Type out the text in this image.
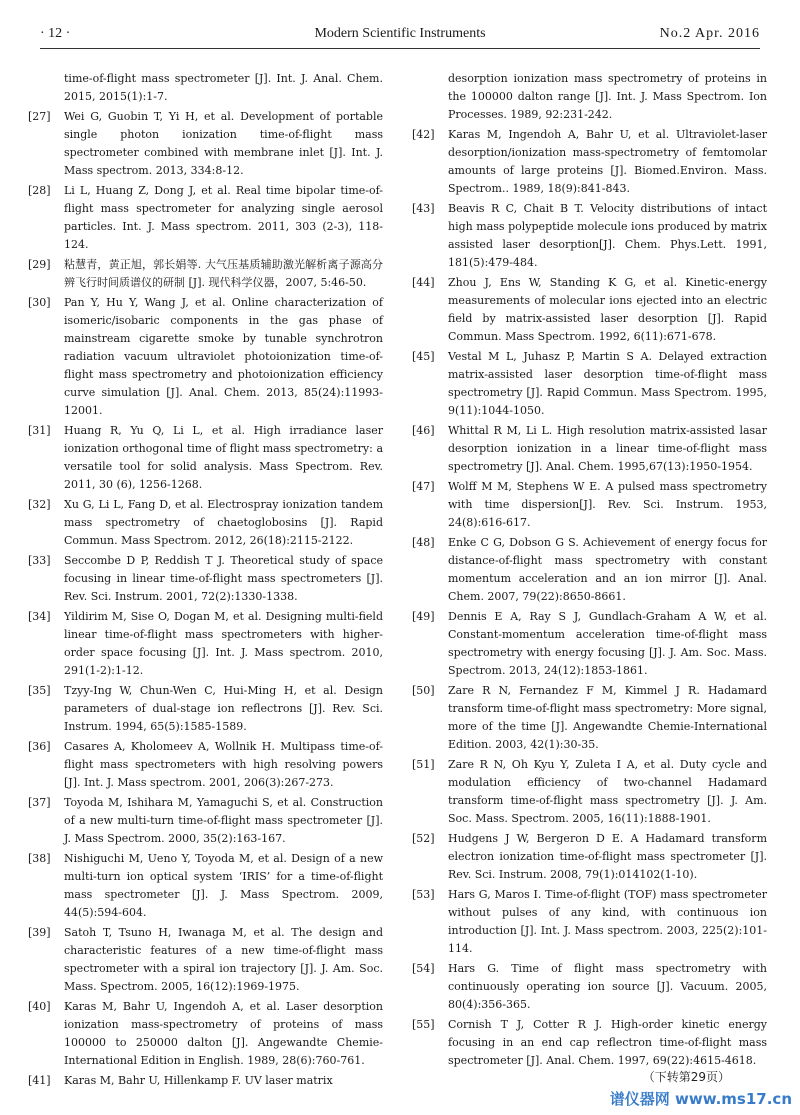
· 12 ·	Modern Scientific Instruments	No.2 Apr. 2016
time-of-flight mass spectrometer [J]. Int. J. Anal. Chem. 2015, 2015(1):1-7.
[27] Wei G, Guobin T, Yi H, et al. Development of portable single photon ionization time-of-flight mass spectrometer combined with membrane inlet [J]. Int. J. Mass spectrom. 2013, 334:8-12.
[28] Li L, Huang Z, Dong J, et al. Real time bipolar time-of-flight mass spectrometer for analyzing single aerosol particles. Int. J. Mass spectrom. 2011, 303 (2-3), 118-124.
[29] 粘慧青，黄正旭，郭长娟等. 大气压基质辅助激光解析离子源高分辨飞行时间质谱仪的研制 [J]. 现代科学仪器，2007, 5:46-50.
[30] Pan Y, Hu Y, Wang J, et al. Online characterization of isomeric/isobaric components in the gas phase of mainstream cigarette smoke by tunable synchrotron radiation vacuum ultraviolet photoionization time-of-flight mass spectrometry and photoionization efficiency curve simulation [J]. Anal. Chem. 2013, 85(24):11993-12001.
[31] Huang R, Yu Q, Li L, et al. High irradiance laser ionization orthogonal time of flight mass spectrometry: a versatile tool for solid analysis. Mass Spectrom. Rev. 2011, 30 (6), 1256-1268.
[32] Xu G, Li L, Fang D, et al. Electrospray ionization tandem mass spectrometry of chaetoglobosins [J]. Rapid Commun. Mass Spectrom. 2012, 26(18):2115-2122.
[33] Seccombe D P, Reddish T J. Theoretical study of space focusing in linear time-of-flight mass spectrometers [J]. Rev. Sci. Instrum. 2001, 72(2):1330-1338.
[34] Yildirim M, Sise O, Dogan M, et al. Designing multi-field linear time-of-flight mass spectrometers with higher-order space focusing [J]. Int. J. Mass spectrom. 2010, 291(1-2):1-12.
[35] Tzyy-Ing W, Chun-Wen C, Hui-Ming H, et al. Design parameters of dual-stage ion reflectrons [J]. Rev. Sci. Instrum. 1994, 65(5):1585-1589.
[36] Casares A, Kholomeev A, Wollnik H. Multipass time-of-flight mass spectrometers with high resolving powers [J]. Int. J. Mass spectrom. 2001, 206(3):267-273.
[37] Toyoda M, Ishihara M, Yamaguchi S, et al. Construction of a new multi-turn time-of-flight mass spectrometer [J]. J. Mass Spectrom. 2000, 35(2):163-167.
[38] Nishiguchi M, Ueno Y, Toyoda M, et al. Design of a new multi-turn ion optical system ‘IRIS’ for a time-of-flight mass spectrometer [J]. J. Mass Spectrom. 2009, 44(5):594-604.
[39] Satoh T, Tsuno H, Iwanaga M, et al. The design and characteristic features of a new time-of-flight mass spectrometer with a spiral ion trajectory [J]. J. Am. Soc. Mass. Spectrom. 2005, 16(12):1969-1975.
[40] Karas M, Bahr U, Ingendoh A, et al. Laser desorption ionization mass-spectrometry of proteins of mass 100000 to 250000 dalton [J]. Angewandte Chemie-International Edition in English. 1989, 28(6):760-761.
[41] Karas M, Bahr U, Hillenkamp F. UV laser matrix
desorption ionization mass spectrometry of proteins in the 100000 dalton range [J]. Int. J. Mass Spectrom. Ion Processes. 1989, 92:231-242.
[42] Karas M, Ingendoh A, Bahr U, et al. Ultraviolet-laser desorption/ionization mass-spectrometry of femtomolar amounts of large proteins [J]. Biomed.Environ. Mass. Spectrom.. 1989, 18(9):841-843.
[43] Beavis R C, Chait B T. Velocity distributions of intact high mass polypeptide molecule ions produced by matrix assisted laser desorption[J]. Chem. Phys.Lett. 1991, 181(5):479-484.
[44] Zhou J, Ens W, Standing K G, et al. Kinetic-energy measurements of molecular ions ejected into an electric field by matrix-assisted laser desorption [J]. Rapid Commun. Mass Spectrom. 1992, 6(11):671-678.
[45] Vestal M L, Juhasz P, Martin S A. Delayed extraction matrix-assisted laser desorption time-of-flight mass spectrometry [J]. Rapid Commun. Mass Spectrom. 1995, 9(11):1044-1050.
[46] Whittal R M, Li L. High resolution matrix-assisted lasar desorption ionization in a linear time-of-flight mass spectrometry [J]. Anal. Chem. 1995,67(13):1950-1954.
[47] Wolff M M, Stephens W E. A pulsed mass spectrometry with time dispersion[J]. Rev. Sci. Instrum. 1953, 24(8):616-617.
[48] Enke C G, Dobson G S. Achievement of energy focus for distance-of-flight mass spectrometry with constant momentum acceleration and an ion mirror [J]. Anal. Chem. 2007, 79(22):8650-8661.
[49] Dennis E A, Ray S J, Gundlach-Graham A W, et al. Constant-momentum acceleration time-of-flight mass spectrometry with energy focusing [J]. J. Am. Soc. Mass. Spectrom. 2013, 24(12):1853-1861.
[50] Zare R N, Fernandez F M, Kimmel J R. Hadamard transform time-of-flight mass spectrometry: More signal, more of the time [J]. Angewandte Chemie-International Edition. 2003, 42(1):30-35.
[51] Zare R N, Oh Kyu Y, Zuleta I A, et al. Duty cycle and modulation efficiency of two-channel Hadamard transform time-of-flight mass spectrometry [J]. J. Am. Soc. Mass. Spectrom. 2005, 16(11):1888-1901.
[52] Hudgens J W, Bergeron D E. A Hadamard transform electron ionization time-of-flight mass spectrometer [J]. Rev. Sci. Instrum. 2008, 79(1):014102(1-10).
[53] Hars G, Maros I. Time-of-flight (TOF) mass spectrometer without pulses of any kind, with continuous ion introduction [J]. Int. J. Mass spectrom. 2003, 225(2):101-114.
[54] Hars G. Time of flight mass spectrometry with continuously operating ion source [J]. Vacuum. 2005, 80(4):356-365.
[55] Cornish T J, Cotter R J. High-order kinetic energy focusing in an end cap reflectron time-of-flight mass spectrometer [J]. Anal. Chem. 1997, 69(22):4615-4618.
（下转第29页）
谱仪器网 www.ms17.cn
